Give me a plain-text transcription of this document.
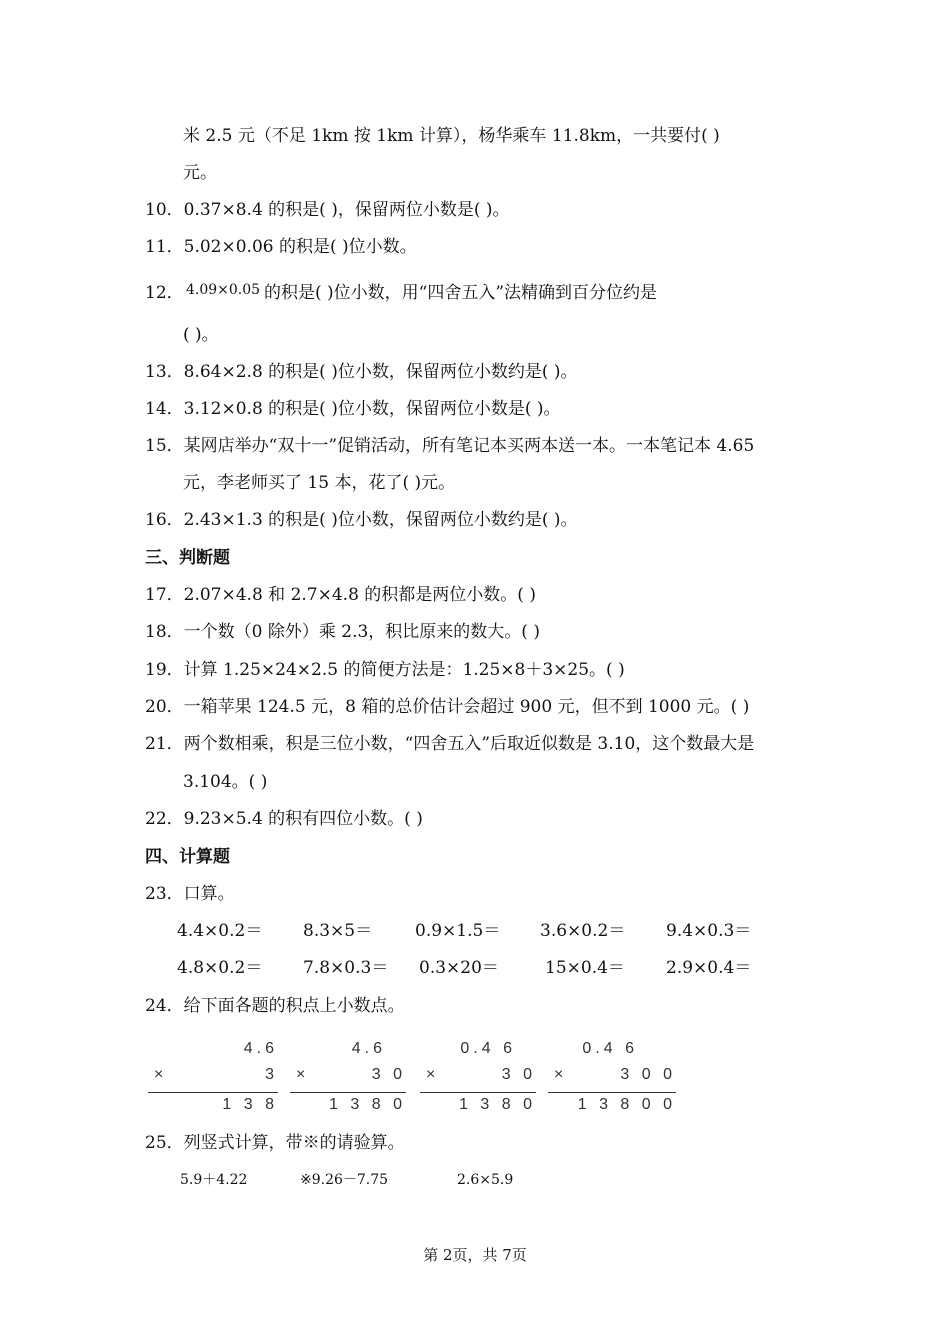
米 2.5 元（不足 1km 按 1km 计算），杨华乘车 11.8km，一共要付( )
元。
10．0.37×8.4 的积是( )，保留两位小数是( )。
11．5.02×0.06 的积是( )位小数。
12． 4.09×0.05 的积是( )位小数，用“四舍五入”法精确到百分位约是
( )。
13．8.64×2.8 的积是( )位小数，保留两位小数约是( )。
14．3.12×0.8 的积是( )位小数，保留两位小数是( )。
15．某网店举办“双十一”促销活动，所有笔记本买两本送一本。一本笔记本 4.65
元，李老师买了 15 本，花了( )元。
16．2.43×1.3 的积是( )位小数，保留两位小数约是( )。
三、判断题
17．2.07×4.8 和 2.7×4.8 的积都是两位小数。( )
18．一个数（0 除外）乘 2.3，积比原来的数大。( )
19．计算 1.25×24×2.5 的简便方法是：1.25×8＋3×25。( )
20．一箱苹果 124.5 元，8 箱的总价估计会超过 900 元，但不到 1000 元。( )
21．两个数相乘，积是三位小数，“四舍五入”后取近似数是 3.10，这个数最大是
3.104。( )
22．9.23×5.4 的积有四位小数。( )
四、计算题
23．口算。
4.4×0.2＝ 8.3×5＝	0.9×1.5＝ 3.6×0.2＝ 9.4×0.3＝
4.8×0.2＝ 7.8×0.3＝ 0.3×20＝	15×0.4＝ 2.9×0.4＝
24．给下面各题的积点上小数点。
4.6
×	3
1 3 8
4.6
×	3 0
1 3 8 0
0.4 6
×	3 0
1 3 8 0
0.4 6
×	3 0 0
1 3 8 0 0
25．列竖式计算，带※的请验算。
5.9＋4.22	※9.26－7.75	2.6×5.9
第 2页，共 7页
